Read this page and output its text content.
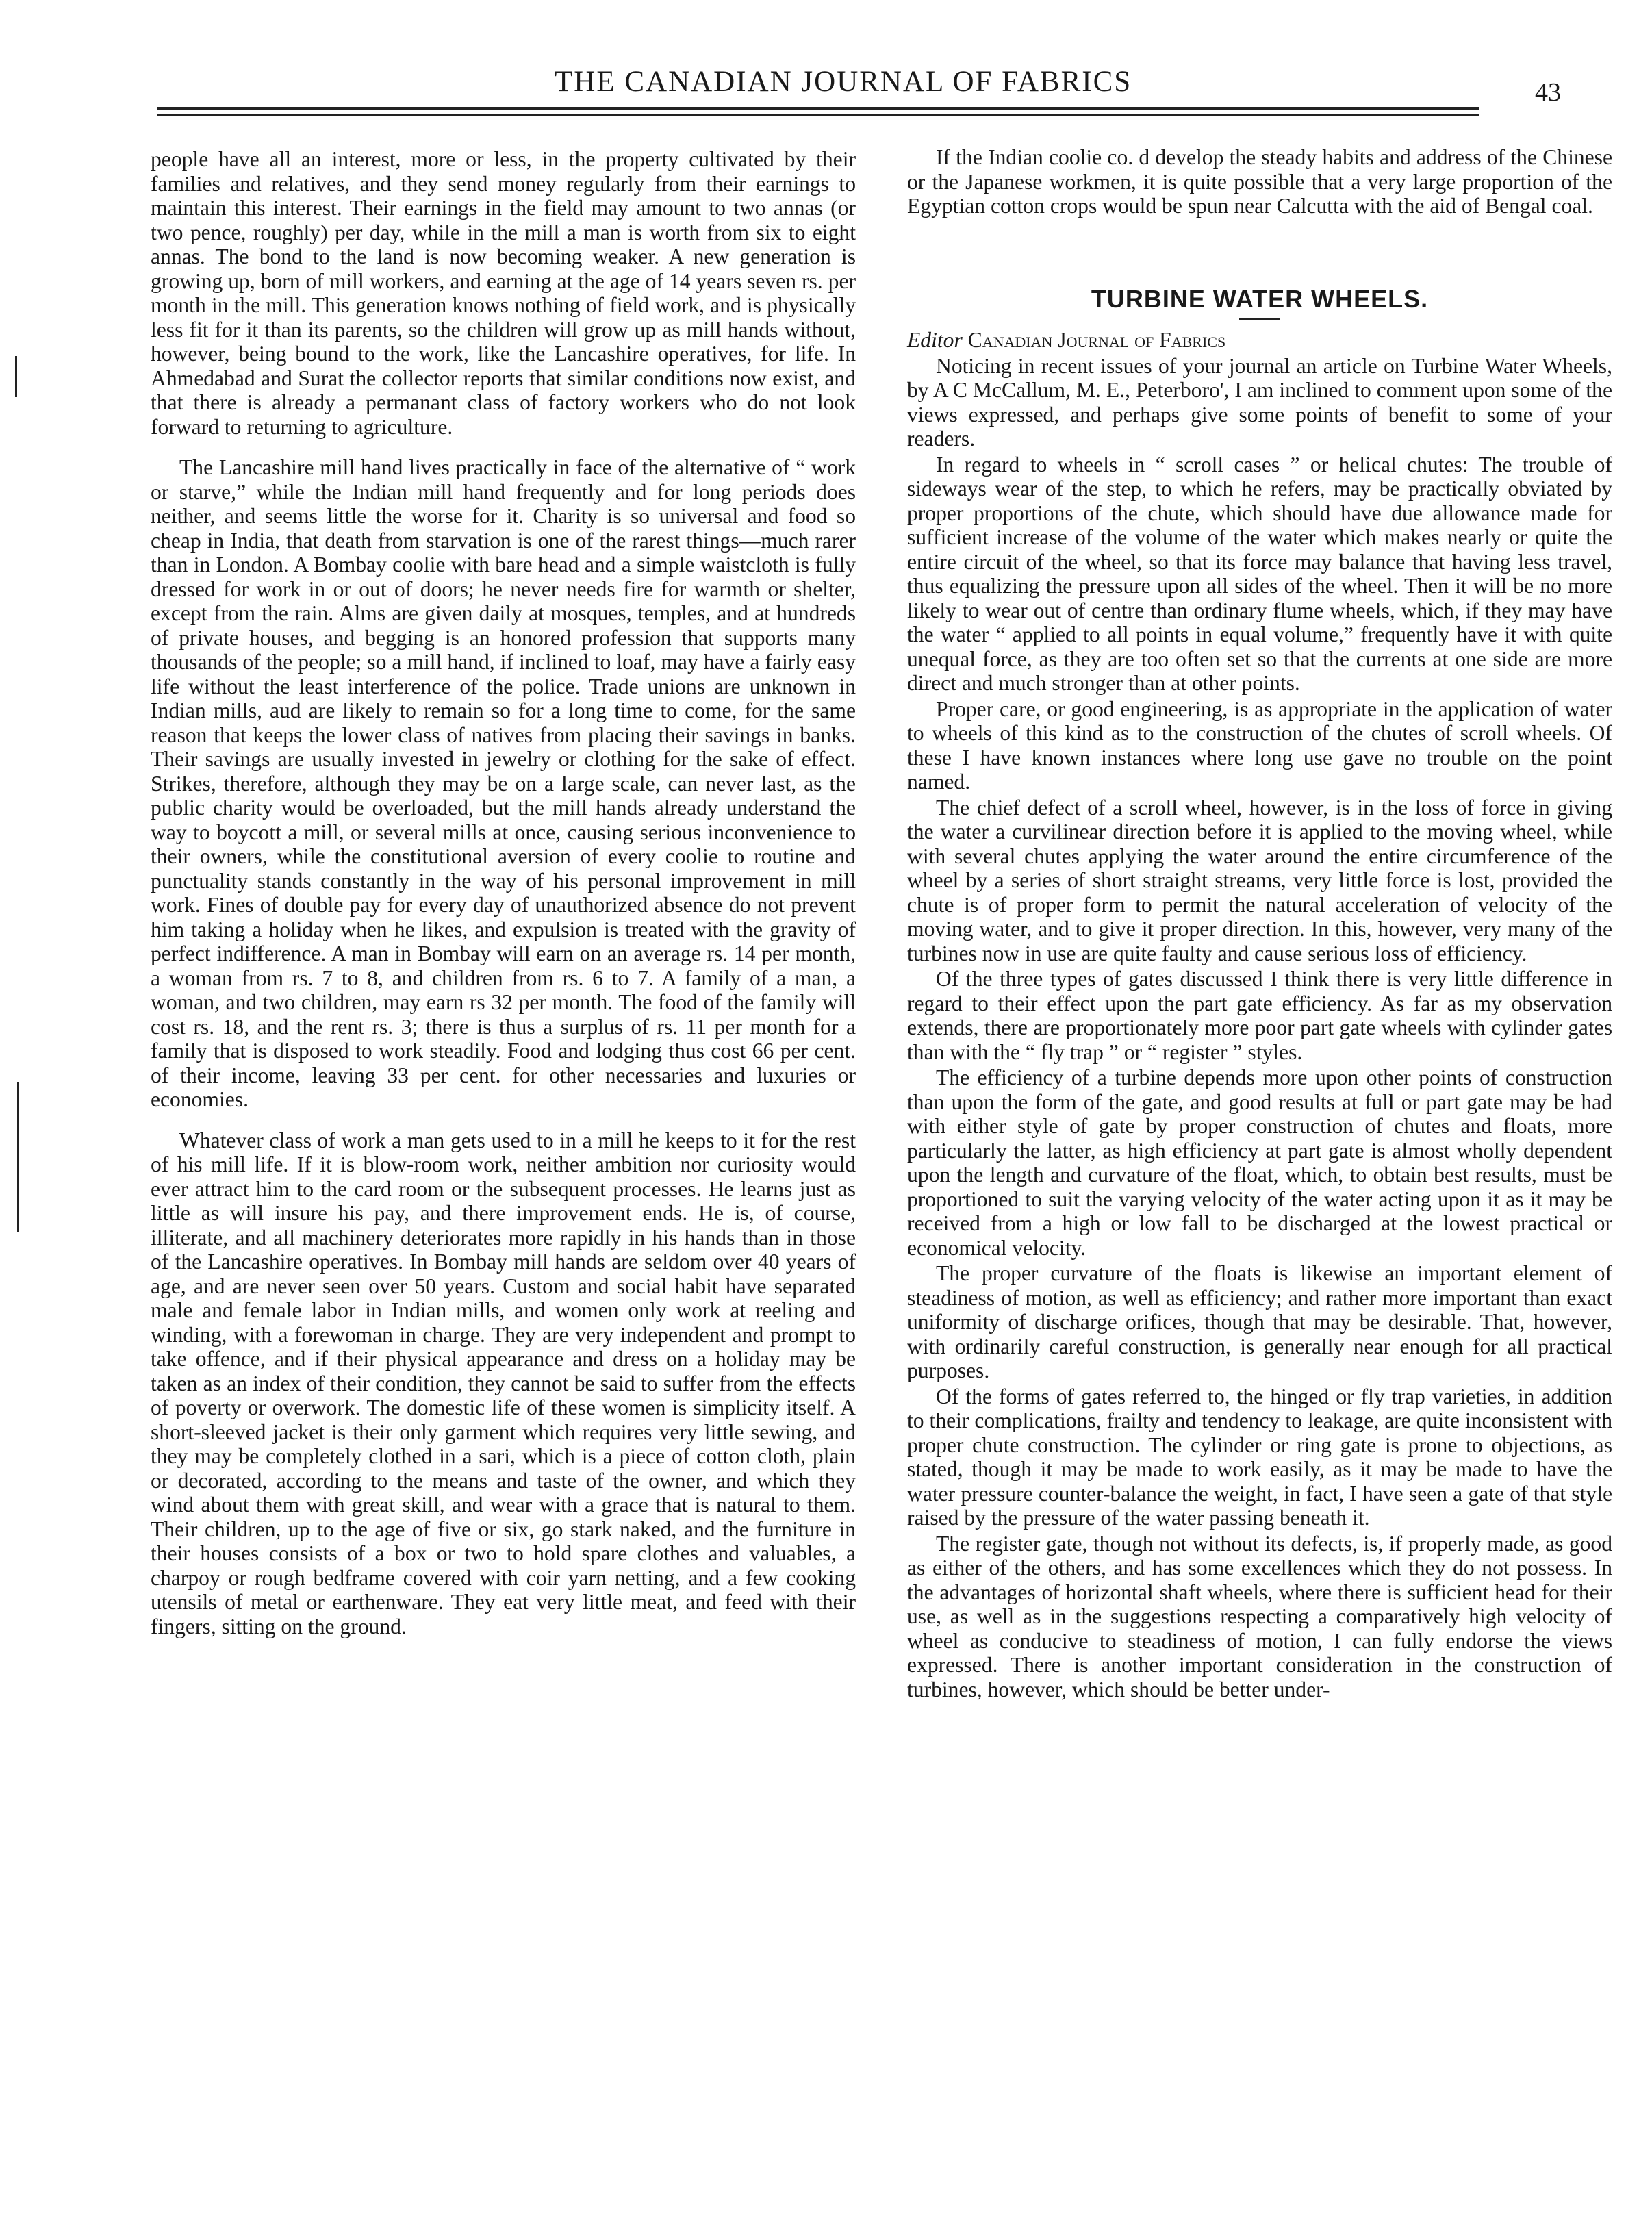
THE CANADIAN JOURNAL OF FABRICS	43

people have all an interest, more or less, in the property cultivated by their families and relatives, and they send money regularly from their earnings to maintain this interest. Their earnings in the field may amount to two annas (or two pence, roughly) per day, while in the mill a man is worth from six to eight annas. The bond to the land is now becoming weaker. A new generation is growing up, born of mill workers, and earning at the age of 14 years seven rs. per month in the mill. This generation knows nothing of field work, and is physically less fit for it than its parents, so the children will grow up as mill hands without, however, being bound to the work, like the Lancashire operatives, for life. In Ahmedabad and Surat the collector reports that similar conditions now exist, and that there is already a permanant class of factory workers who do not look forward to returning to agriculture.

The Lancashire mill hand lives practically in face of the alternative of “ work or starve,” while the Indian mill hand frequently and for long periods does neither, and seems little the worse for it. Charity is so universal and food so cheap in India, that death from starvation is one of the rarest things—much rarer than in London. A Bombay coolie with bare head and a simple waistcloth is fully dressed for work in or out of doors; he never needs fire for warmth or shelter, except from the rain. Alms are given daily at mosques, temples, and at hundreds of private houses, and begging is an honored profession that supports many thousands of the people; so a mill hand, if inclined to loaf, may have a fairly easy life without the least interference of the police. Trade unions are unknown in Indian mills, aud are likely to remain so for a long time to come, for the same reason that keeps the lower class of natives from placing their savings in banks. Their savings are usually invested in jewelry or clothing for the sake of effect. Strikes, therefore, although they may be on a large scale, can never last, as the public charity would be overloaded, but the mill hands already understand the way to boycott a mill, or several mills at once, causing serious inconvenience to their owners, while the constitutional aversion of every coolie to routine and punctuality stands constantly in the way of his personal improvement in mill work. Fines of double pay for every day of unauthorized absence do not prevent him taking a holiday when he likes, and expulsion is treated with the gravity of perfect indifference. A man in Bombay will earn on an average rs. 14 per month, a woman from rs. 7 to 8, and children from rs. 6 to 7. A family of a man, a woman, and two children, may earn rs 32 per month. The food of the family will cost rs. 18, and the rent rs. 3; there is thus a surplus of rs. 11 per month for a family that is disposed to work steadily. Food and lodging thus cost 66 per cent. of their income, leaving 33 per cent. for other necessaries and luxuries or economies.

Whatever class of work a man gets used to in a mill he keeps to it for the rest of his mill life. If it is blow-room work, neither ambition nor curiosity would ever attract him to the card room or the subsequent processes. He learns just as little as will insure his pay, and there improvement ends. He is, of course, illiterate, and all machinery deteriorates more rapidly in his hands than in those of the Lancashire operatives. In Bombay mill hands are seldom over 40 years of age, and are never seen over 50 years. Custom and social habit have separated male and female labor in Indian mills, and women only work at reeling and winding, with a forewoman in charge. They are very independent and prompt to take offence, and if their physical appearance and dress on a holiday may be taken as an index of their condition, they cannot be said to suffer from the effects of poverty or overwork. The domestic life of these women is simplicity itself. A short-sleeved jacket is their only garment which requires very little sewing, and they may be completely clothed in a sari, which is a piece of cotton cloth, plain or decorated, according to the means and taste of the owner, and which they wind about them with great skill, and wear with a grace that is natural to them. Their children, up to the age of five or six, go stark naked, and the furniture in their houses consists of a box or two to hold spare clothes and valuables, a charpoy or rough bedframe covered with coir yarn netting, and a few cooking utensils of metal or earthenware. They eat very little meat, and feed with their fingers, sitting on the ground.

If the Indian coolie co. d develop the steady habits and address of the Chinese or the Japanese workmen, it is quite possible that a very large proportion of the Egyptian cotton crops would be spun near Calcutta with the aid of Bengal coal.

TURBINE WATER WHEELS.

Editor Canadian Journal of Fabrics

Noticing in recent issues of your journal an article on Turbine Water Wheels, by A C McCallum, M. E., Peterboro', I am inclined to comment upon some of the views expressed, and perhaps give some points of benefit to some of your readers.

In regard to wheels in “ scroll cases ” or helical chutes: The trouble of sideways wear of the step, to which he refers, may be practically obviated by proper proportions of the chute, which should have due allowance made for sufficient increase of the volume of the water which makes nearly or quite the entire circuit of the wheel, so that its force may balance that having less travel, thus equalizing the pressure upon all sides of the wheel. Then it will be no more likely to wear out of centre than ordinary flume wheels, which, if they may have the water “ applied to all points in equal volume,” frequently have it with quite unequal force, as they are too often set so that the currents at one side are more direct and much stronger than at other points.

Proper care, or good engineering, is as appropriate in the application of water to wheels of this kind as to the construction of the chutes of scroll wheels. Of these I have known instances where long use gave no trouble on the point named.

The chief defect of a scroll wheel, however, is in the loss of force in giving the water a curvilinear direction before it is applied to the moving wheel, while with several chutes applying the water around the entire circumference of the wheel by a series of short straight streams, very little force is lost, provided the chute is of proper form to permit the natural acceleration of velocity of the moving water, and to give it proper direction. In this, however, very many of the turbines now in use are quite faulty and cause serious loss of efficiency.

Of the three types of gates discussed I think there is very little difference in regard to their effect upon the part gate efficiency. As far as my observation extends, there are proportionately more poor part gate wheels with cylinder gates than with the “ fly trap ” or “ register ” styles.

The efficiency of a turbine depends more upon other points of construction than upon the form of the gate, and good results at full or part gate may be had with either style of gate by proper construction of chutes and floats, more particularly the latter, as high efficiency at part gate is almost wholly dependent upon the length and curvature of the float, which, to obtain best results, must be proportioned to suit the varying velocity of the water acting upon it as it may be received from a high or low fall to be discharged at the lowest practical or economical velocity.

The proper curvature of the floats is likewise an important element of steadiness of motion, as well as efficiency; and rather more important than exact uniformity of discharge orifices, though that may be desirable. That, however, with ordinarily careful construction, is generally near enough for all practical purposes.

Of the forms of gates referred to, the hinged or fly trap varieties, in addition to their complications, frailty and tendency to leakage, are quite inconsistent with proper chute construction. The cylinder or ring gate is prone to objections, as stated, though it may be made to work easily, as it may be made to have the water pressure counter-balance the weight, in fact, I have seen a gate of that style raised by the pressure of the water passing beneath it.

The register gate, though not without its defects, is, if properly made, as good as either of the others, and has some excellences which they do not possess. In the advantages of horizontal shaft wheels, where there is sufficient head for their use, as well as in the suggestions respecting a comparatively high velocity of wheel as conducive to steadiness of motion, I can fully endorse the views expressed. There is another important consideration in the construction of turbines, however, which should be better under-
